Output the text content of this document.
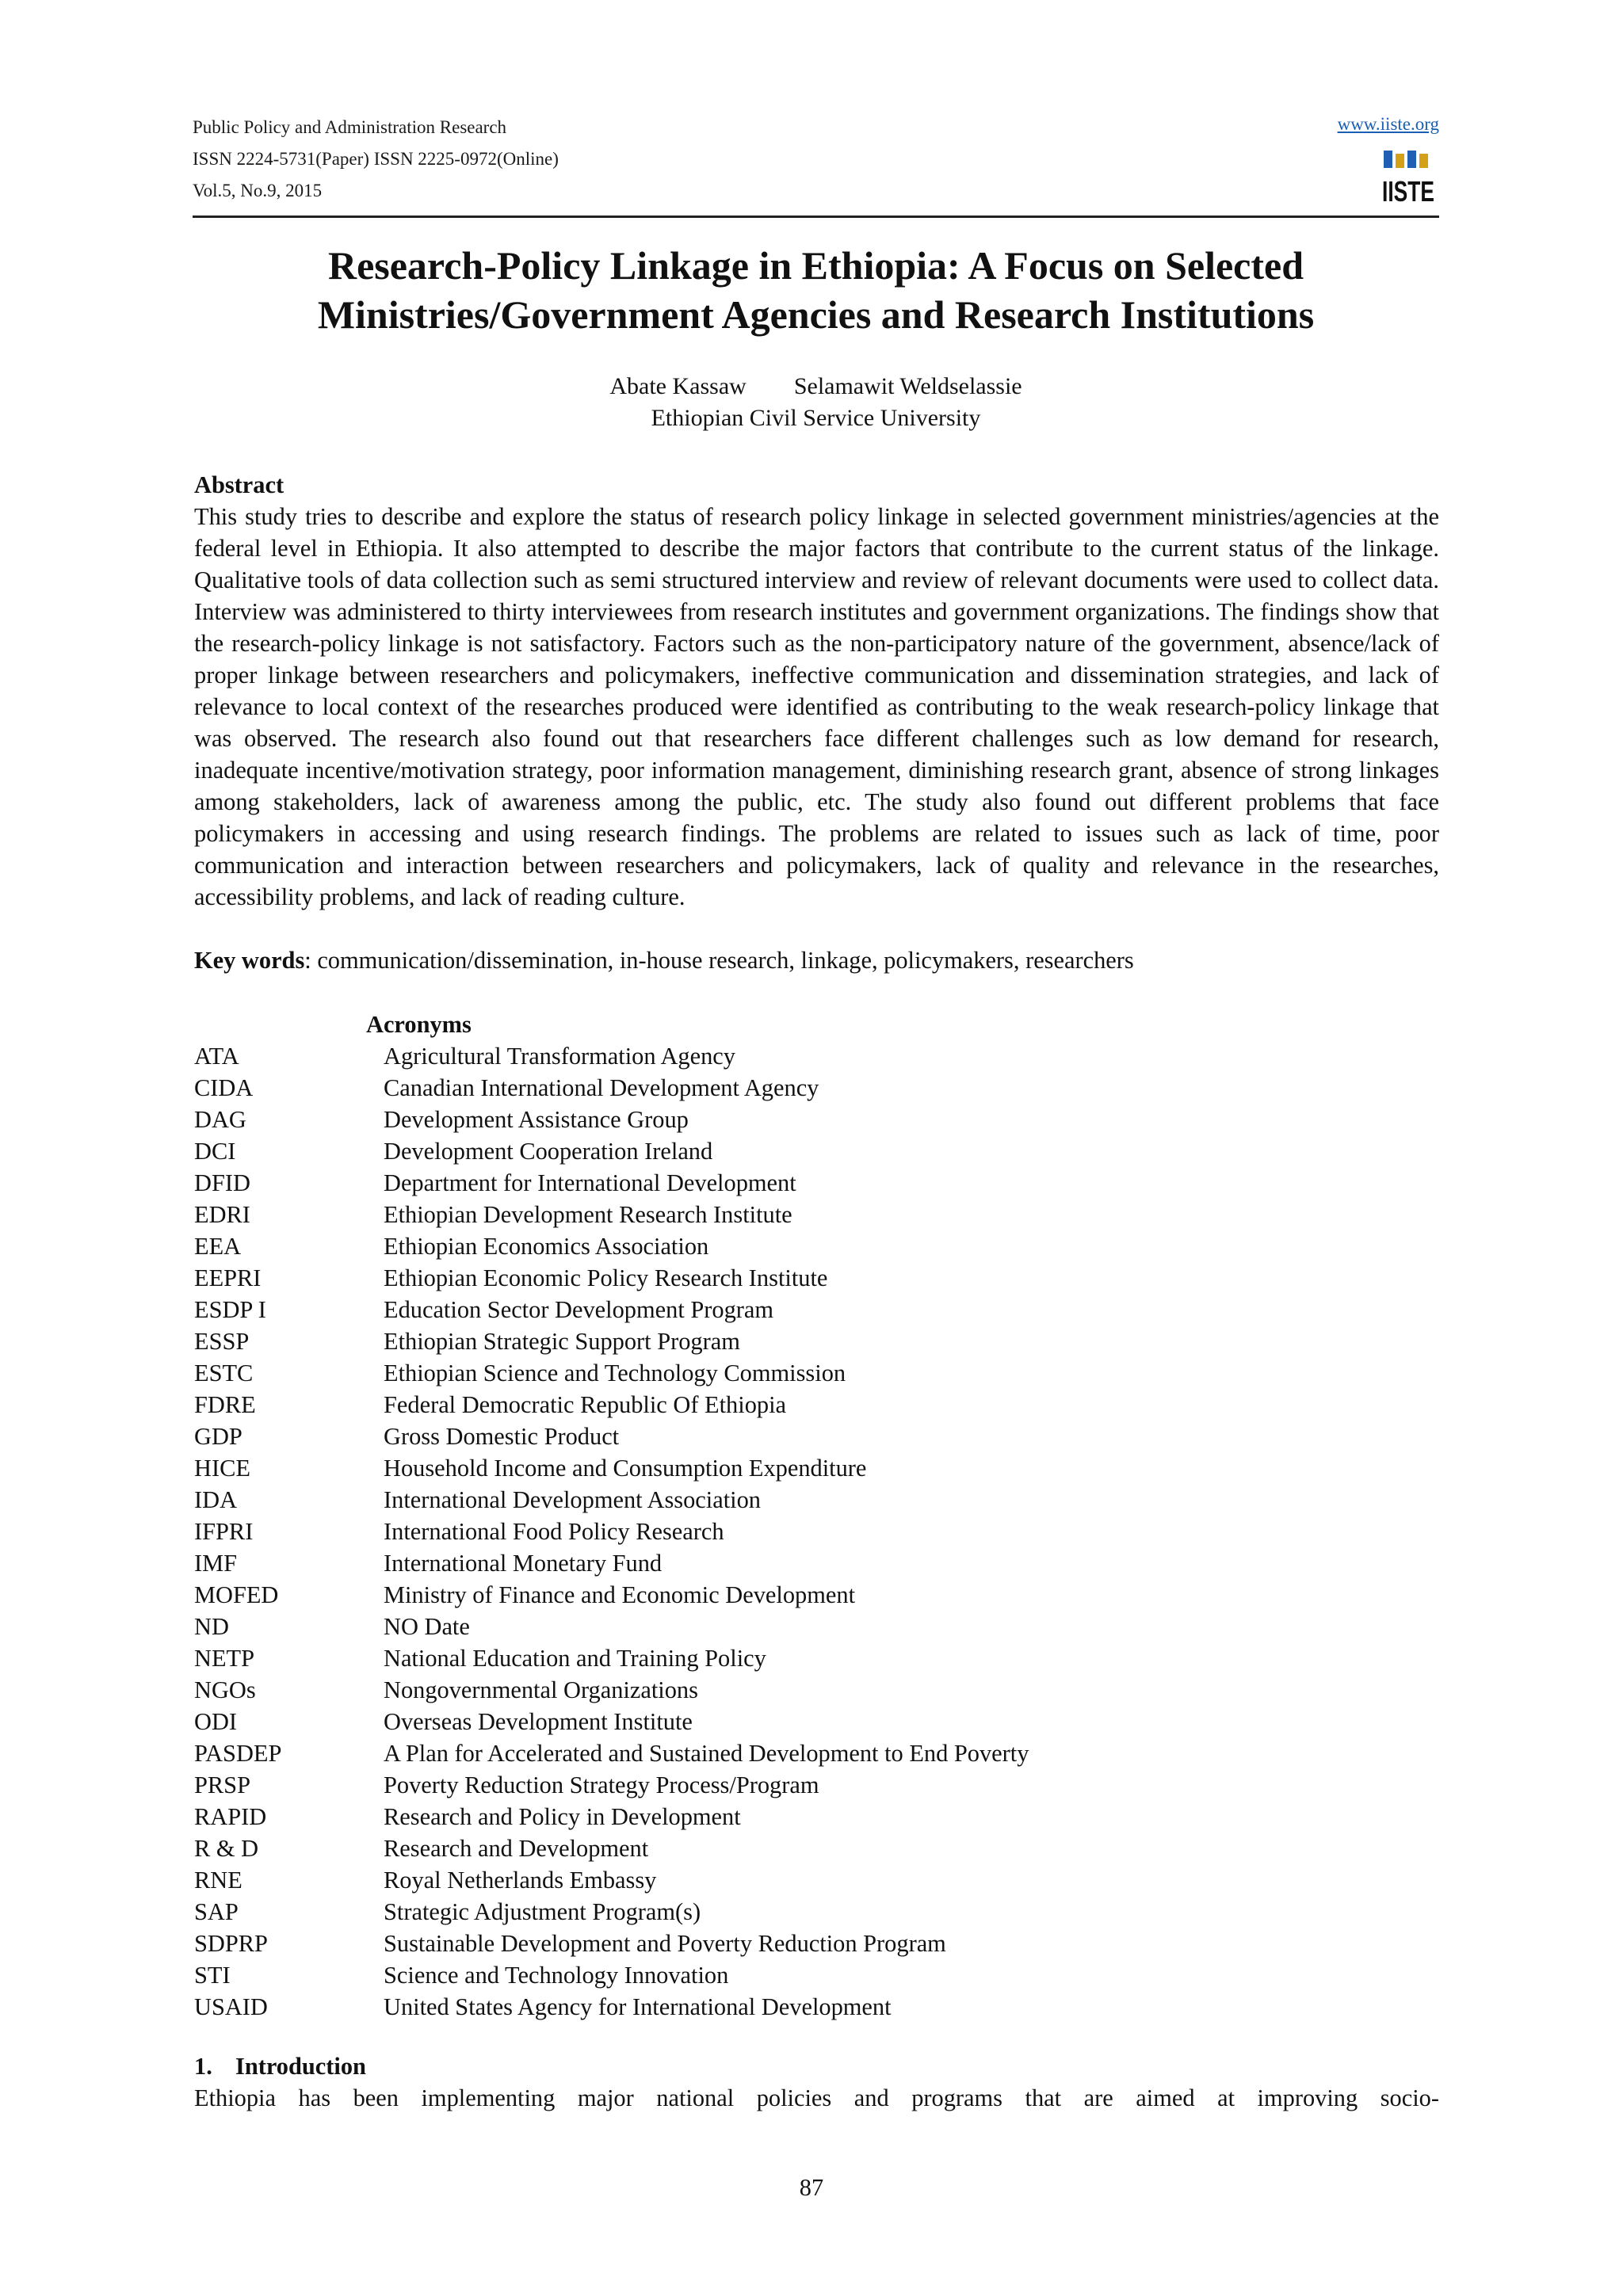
Public Policy and Administration Research
ISSN 2224-5731(Paper) ISSN 2225-0972(Online)
Vol.5, No.9, 2015
www.iiste.org
IISTE
Research-Policy Linkage in Ethiopia: A Focus on Selected
Ministries/Government Agencies and Research Institutions
Abate Kassaw Selamawit Weldselassie
Ethiopian Civil Service University
Abstract

This study tries to describe and explore the status of research policy linkage in selected government ministries/agencies at the federal level in Ethiopia. It also attempted to describe the major factors that contribute to the current status of the linkage. Qualitative tools of data collection such as semi structured interview and review of relevant documents were used to collect data. Interview was administered to thirty interviewees from research institutes and government organizations. The findings show that the research-policy linkage is not satisfactory. Factors such as the non-participatory nature of the government, absence/lack of proper linkage between researchers and policymakers, ineffective communication and dissemination strategies, and lack of relevance to local context of the researches produced were identified as contributing to the weak research-policy linkage that was observed. The research also found out that researchers face different challenges such as low demand for research, inadequate incentive/motivation strategy, poor information management, diminishing research grant, absence of strong linkages among stakeholders, lack of awareness among the public, etc. The study also found out different problems that face policymakers in accessing and using research findings. The problems are related to issues such as lack of time, poor communication and interaction between researchers and policymakers, lack of quality and relevance in the researches, accessibility problems, and lack of reading culture.

Key words: communication/dissemination, in-house research, linkage, policymakers, researchers
Acronyms
ATA	Agricultural Transformation Agency
CIDA	Canadian International Development Agency
DAG	Development Assistance Group
DCI	Development Cooperation Ireland
DFID	Department for International Development
EDRI	Ethiopian Development Research Institute
EEA	Ethiopian Economics Association
EEPRI	Ethiopian Economic Policy Research Institute
ESDP I	Education Sector Development Program
ESSP	Ethiopian Strategic Support Program
ESTC	Ethiopian Science and Technology Commission
FDRE	Federal Democratic Republic Of Ethiopia
GDP	Gross Domestic Product
HICE	Household Income and Consumption Expenditure
IDA	International Development Association
IFPRI	International Food Policy Research
IMF	International Monetary Fund
MOFED	Ministry of Finance and Economic Development
ND	NO Date
NETP	National Education and Training Policy
NGOs	Nongovernmental Organizations
ODI	Overseas Development Institute
PASDEP	A Plan for Accelerated and Sustained Development to End Poverty
PRSP	Poverty Reduction Strategy Process/Program
RAPID	Research and Policy in Development
R & D	Research and Development
RNE	Royal Netherlands Embassy
SAP	Strategic Adjustment Program(s)
SDPRP	Sustainable Development and Poverty Reduction Program
STI	Science and Technology Innovation
USAID	United States Agency for International Development
1. Introduction

Ethiopia has been implementing major national policies and programs that are aimed at improving socio-

87
